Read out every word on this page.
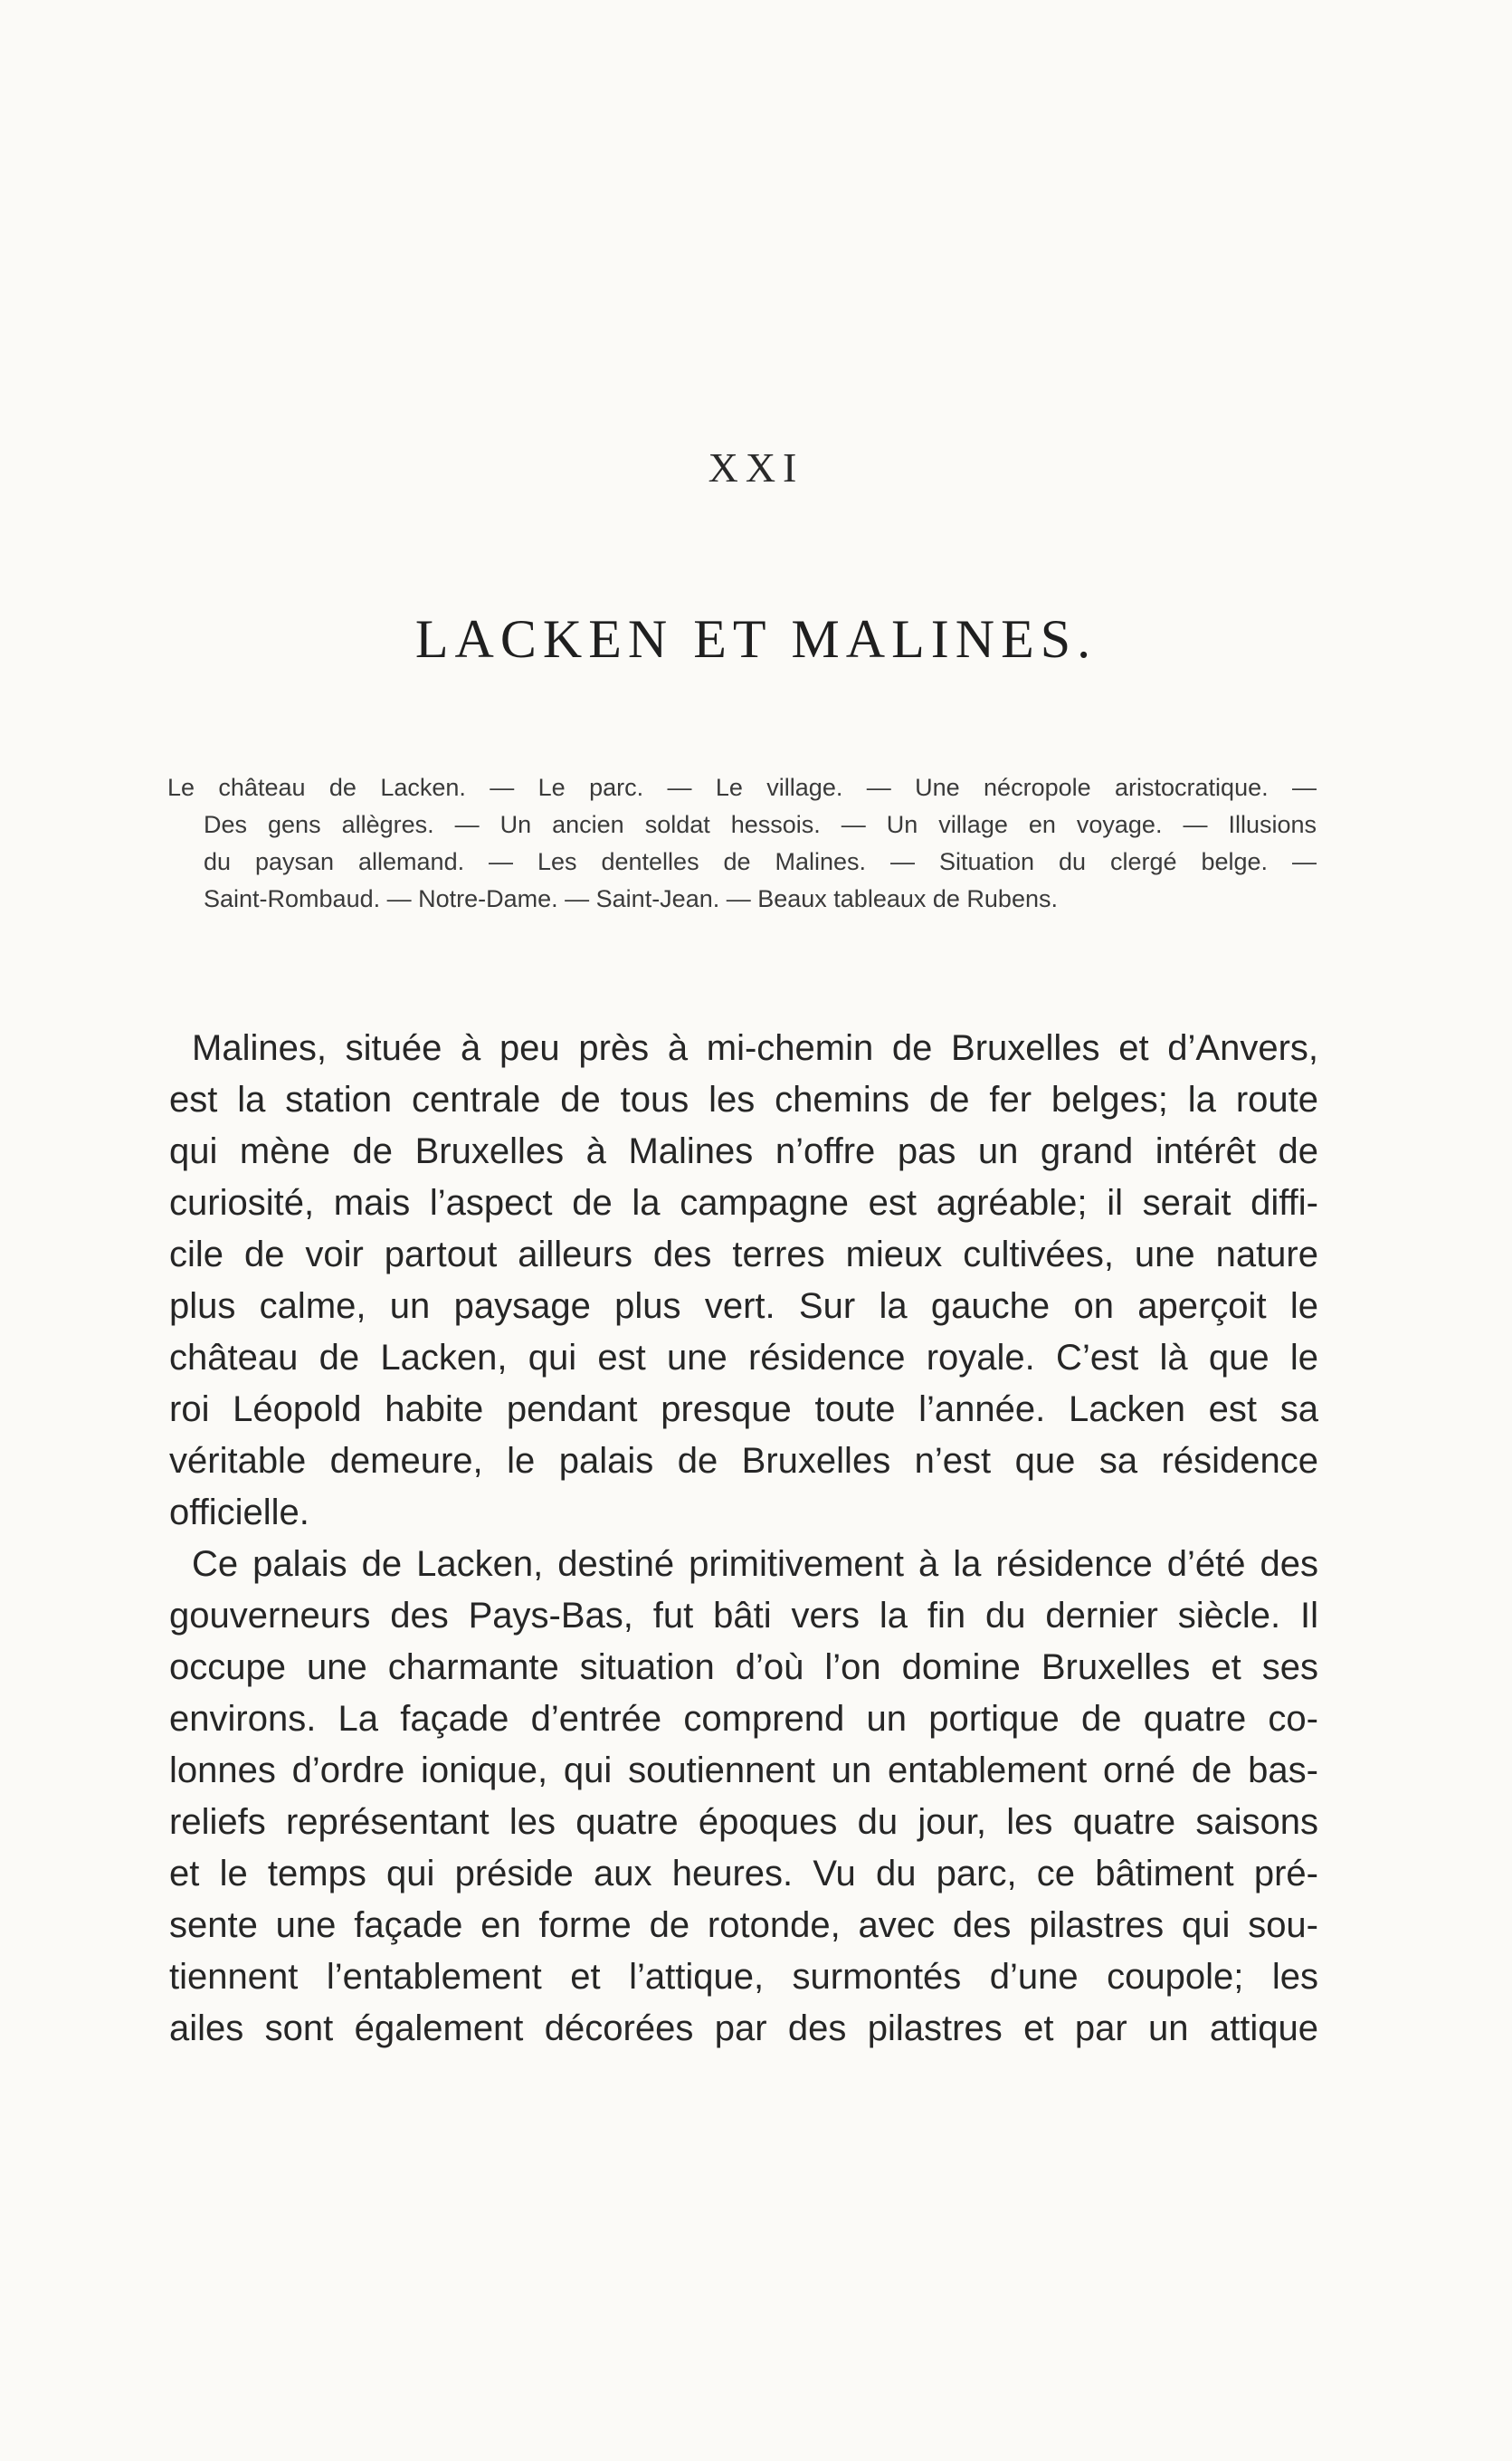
XXI
LACKEN ET MALINES.
Le château de Lacken. — Le parc. — Le village. — Une nécropole aristocratique. —
Des gens allègres. — Un ancien soldat hessois. — Un village en voyage. — Illusions
du paysan allemand. — Les dentelles de Malines. — Situation du clergé belge. —
Saint-Rombaud. — Notre-Dame. — Saint-Jean. — Beaux tableaux de Rubens.
Malines, située à peu près à mi-chemin de Bruxelles et d’Anvers,
est la station centrale de tous les chemins de fer belges; la route
qui mène de Bruxelles à Malines n’offre pas un grand intérêt de
curiosité, mais l’aspect de la campagne est agréable; il serait diffi-
cile de voir partout ailleurs des terres mieux cultivées, une nature
plus calme, un paysage plus vert. Sur la gauche on aperçoit le
château de Lacken, qui est une résidence royale. C’est là que le
roi Léopold habite pendant presque toute l’année. Lacken est sa
véritable demeure, le palais de Bruxelles n’est que sa résidence
officielle.
Ce palais de Lacken, destiné primitivement à la résidence d’été des
gouverneurs des Pays-Bas, fut bâti vers la fin du dernier siècle. Il
occupe une charmante situation d’où l’on domine Bruxelles et ses
environs. La façade d’entrée comprend un portique de quatre co-
lonnes d’ordre ionique, qui soutiennent un entablement orné de bas-
reliefs représentant les quatre époques du jour, les quatre saisons
et le temps qui préside aux heures. Vu du parc, ce bâtiment pré-
sente une façade en forme de rotonde, avec des pilastres qui sou-
tiennent l’entablement et l’attique, surmontés d’une coupole; les
ailes sont également décorées par des pilastres et par un attique
